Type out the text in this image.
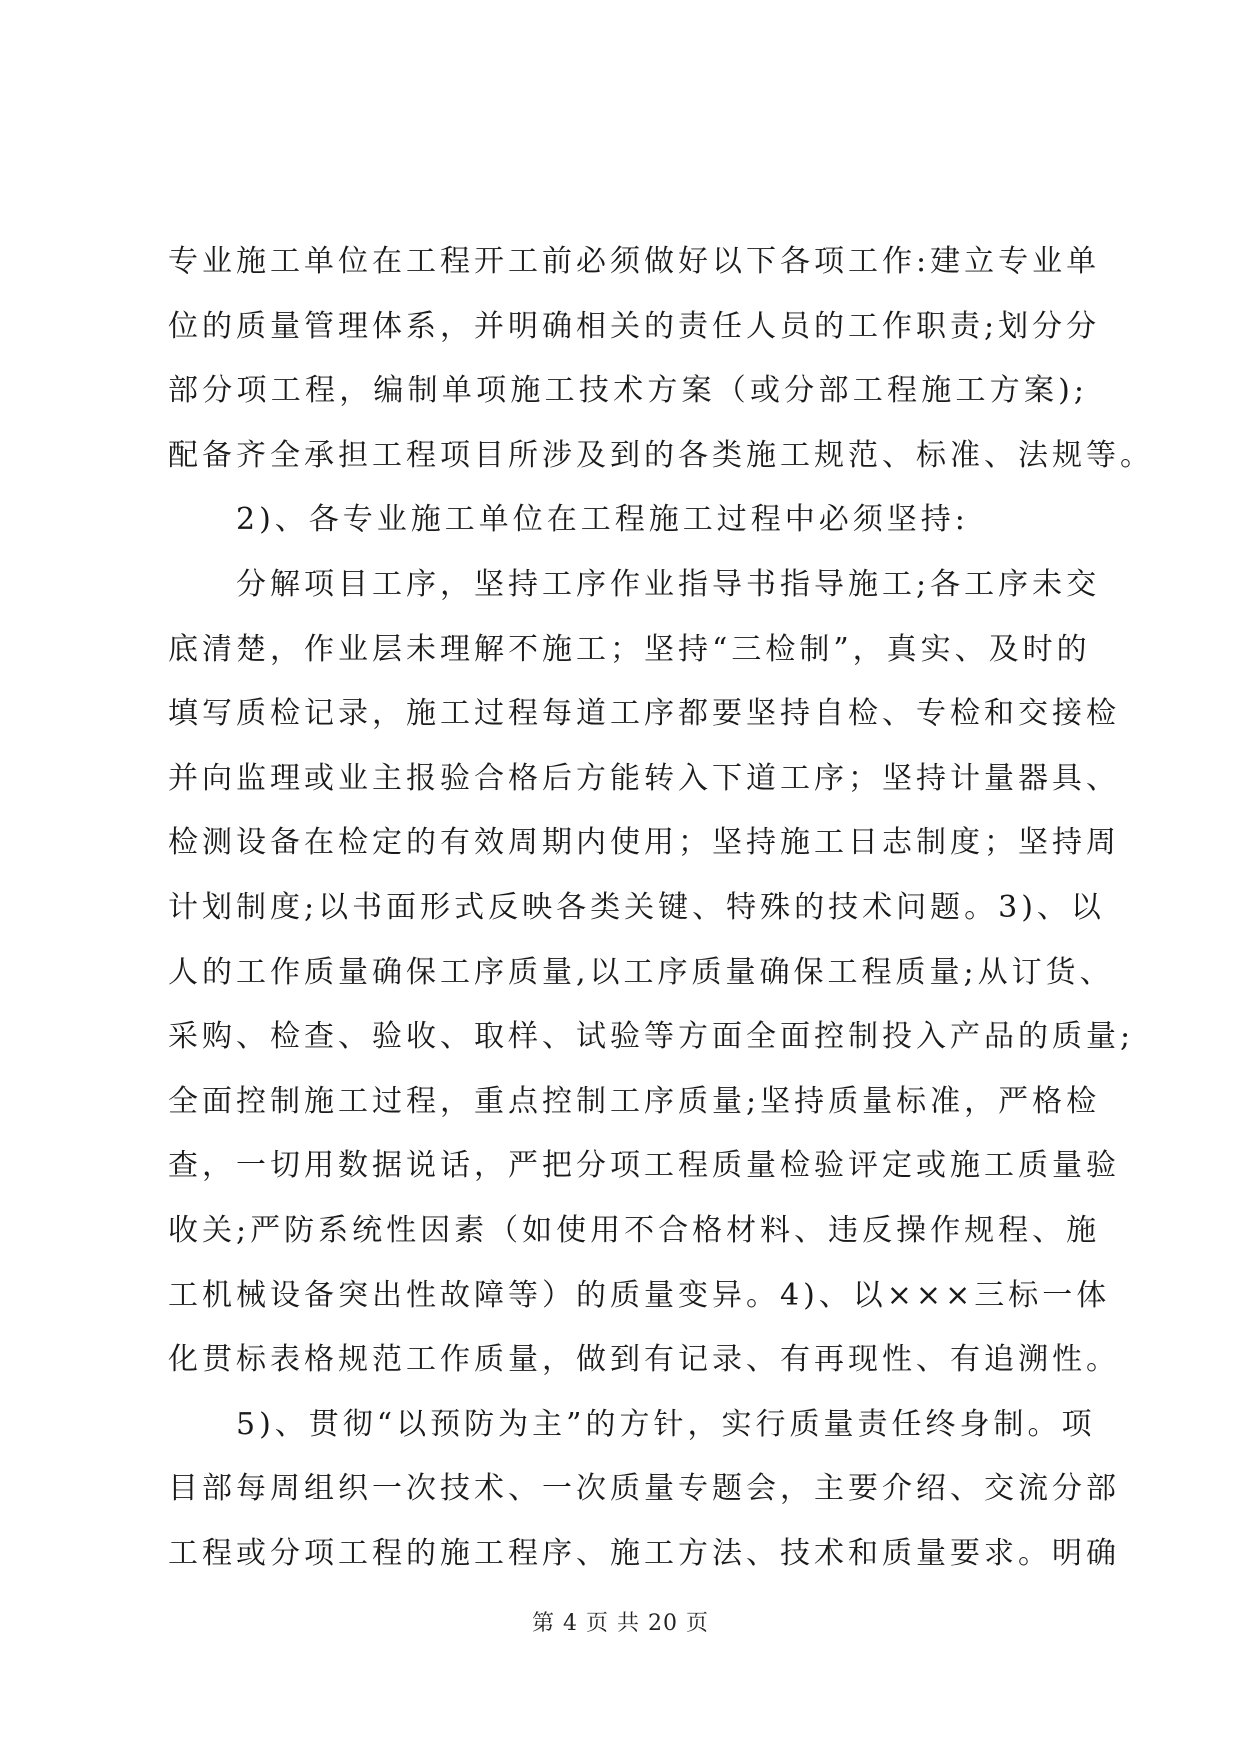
专业施工单位在工程开工前必须做好以下各项工作:建立专业单
位的质量管理体系，并明确相关的责任人员的工作职责;划分分
部分项工程，编制单项施工技术方案（或分部工程施工方案);
配备齐全承担工程项目所涉及到的各类施工规范、标准、法规等。
2)、各专业施工单位在工程施工过程中必须坚持:
分解项目工序，坚持工序作业指导书指导施工;各工序未交
底清楚，作业层未理解不施工；坚持“三检制”，真实、及时的
填写质检记录，施工过程每道工序都要坚持自检、专检和交接检
并向监理或业主报验合格后方能转入下道工序；坚持计量器具、
检测设备在检定的有效周期内使用；坚持施工日志制度；坚持周
计划制度;以书面形式反映各类关键、特殊的技术问题。3)、以
人的工作质量确保工序质量,以工序质量确保工程质量;从订货、
采购、检查、验收、取样、试验等方面全面控制投入产品的质量;
全面控制施工过程，重点控制工序质量;坚持质量标准，严格检
查，一切用数据说话，严把分项工程质量检验评定或施工质量验
收关;严防系统性因素（如使用不合格材料、违反操作规程、施
工机械设备突出性故障等）的质量变异。4)、以×××三标一体
化贯标表格规范工作质量，做到有记录、有再现性、有追溯性。
5)、贯彻“以预防为主”的方针，实行质量责任终身制。项
目部每周组织一次技术、一次质量专题会，主要介绍、交流分部
工程或分项工程的施工程序、施工方法、技术和质量要求。明确
第 4 页 共 20 页
